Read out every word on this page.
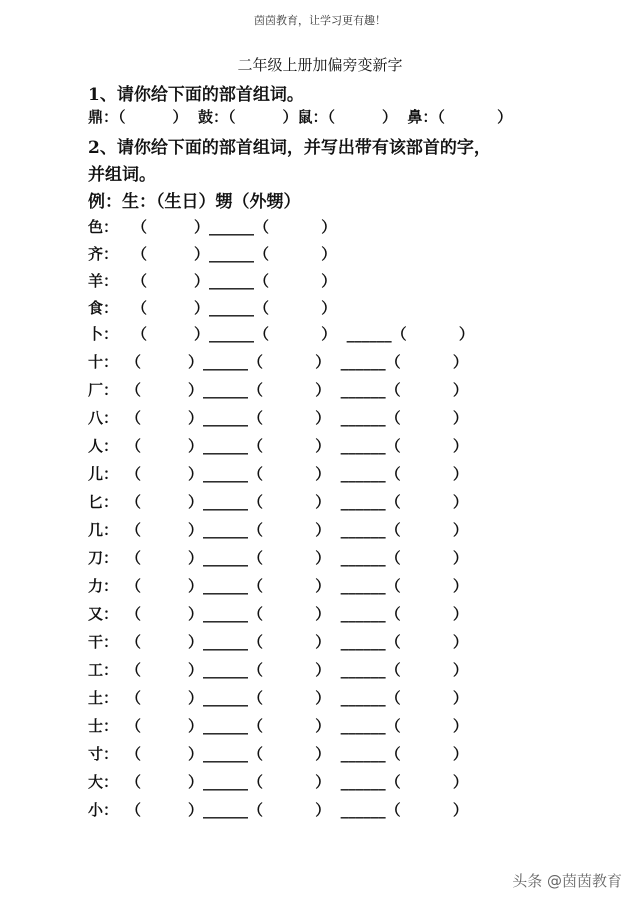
茵茵教育，让学习更有趣！
二年级上册加偏旁变新字
1、请你给下面的部首组词。
鼎：（         ）  鼓：（         ）鼠：（         ）  鼻：（          ）
2、请你给下面的部首组词，并写出带有该部首的字，
并组词。
例：生：（生日）甥（外甥）
色： （         ）______（          ）
齐： （         ）______（          ）
羊： （         ）______（          ）
食： （         ）______（          ）
卜： （         ）______（          ）  ______（          ）
十： （         ）______（          ）  ______（          ）
厂： （         ）______（          ）  ______（          ）
八： （         ）______（          ）  ______（          ）
人： （         ）______（          ）  ______（          ）
儿： （         ）______（          ）  ______（          ）
匕： （         ）______（          ）  ______（          ）
几： （         ）______（          ）  ______（          ）
刀： （         ）______（          ）  ______（          ）
力： （         ）______（          ）  ______（          ）
又： （         ）______（          ）  ______（          ）
干： （         ）______（          ）  ______（          ）
工： （         ）______（          ）  ______（          ）
土： （         ）______（          ）  ______（          ）
士： （         ）______（          ）  ______（          ）
寸： （         ）______（          ）  ______（          ）
大： （         ）______（          ）  ______（          ）
小： （         ）______（          ）  ______（          ）
头条 @茵茵教育
